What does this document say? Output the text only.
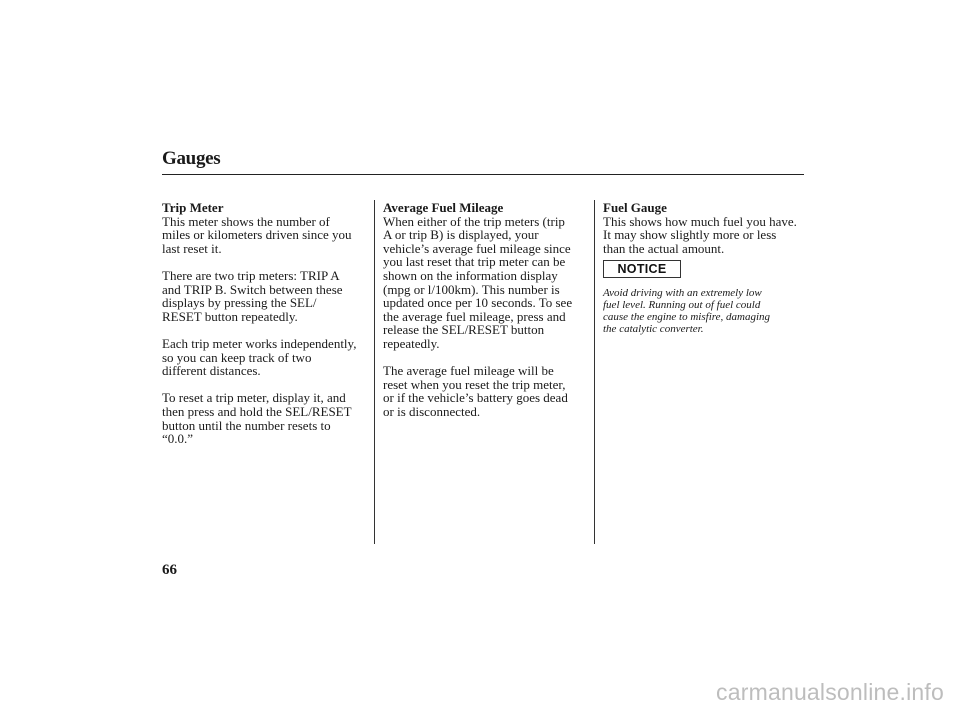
Gauges
Trip Meter

This meter shows the number of
miles or kilometers driven since you
last reset it.

There are two trip meters: TRIP A
and TRIP B. Switch between these
displays by pressing the SEL/
RESET button repeatedly.

Each trip meter works independently,
so you can keep track of two
different distances.

To reset a trip meter, display it, and
then press and hold the SEL/RESET
button until the number resets to
“0.0.”

Average Fuel Mileage

When either of the trip meters (trip
A or trip B) is displayed, your
vehicle’s average fuel mileage since
you last reset that trip meter can be
shown on the information display
(mpg or l/100km). This number is
updated once per 10 seconds. To see
the average fuel mileage, press and
release the SEL/RESET button
repeatedly.

The average fuel mileage will be
reset when you reset the trip meter,
or if the vehicle’s battery goes dead
or is disconnected.

Fuel Gauge

This shows how much fuel you have.
It may show slightly more or less
than the actual amount.

NOTICE
Avoid driving with an extremely low
fuel level. Running out of fuel could
cause the engine to misfire, damaging
the catalytic converter.
66
carmanualsonline.info
